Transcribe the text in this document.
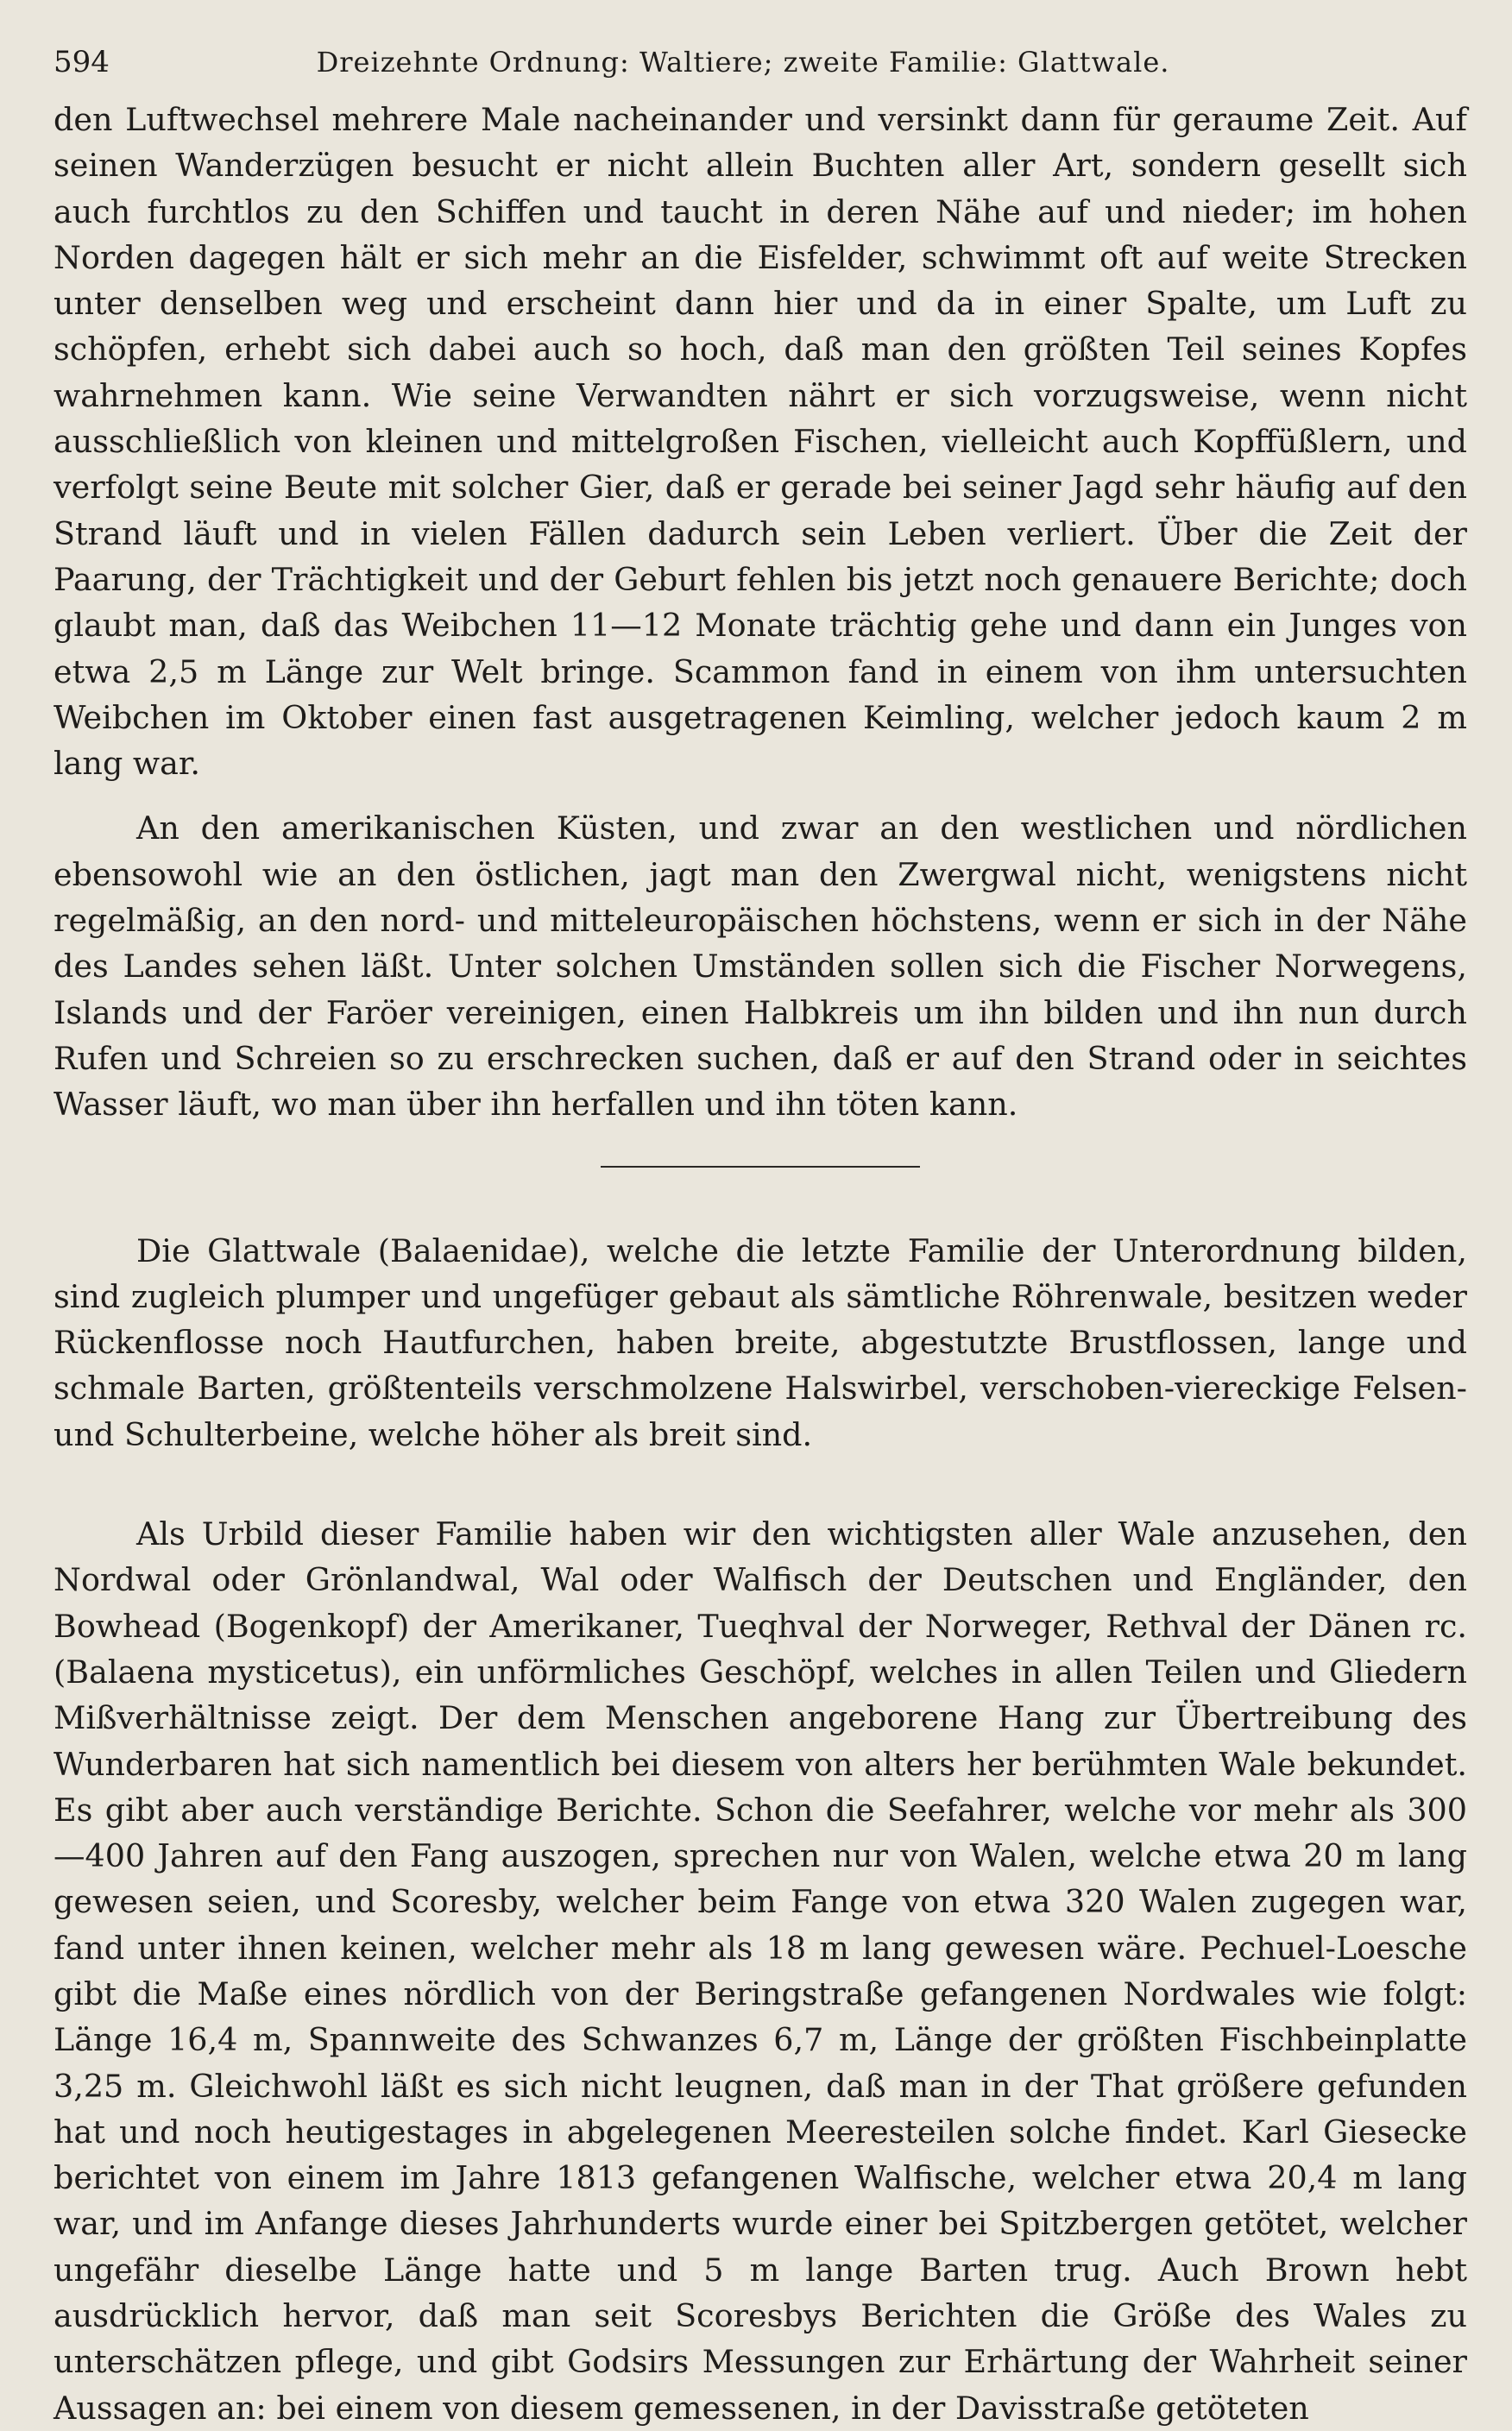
594	Dreizehnte Ordnung: Waltiere; zweite Familie: Glattwale.

den Luftwechsel mehrere Male nacheinander und versinkt dann für geraume Zeit. Auf seinen Wanderzügen besucht er nicht allein Buchten aller Art, sondern gesellt sich auch furchtlos zu den Schiffen und taucht in deren Nähe auf und nieder; im hohen Norden dagegen hält er sich mehr an die Eisfelder, schwimmt oft auf weite Strecken unter denselben weg und erscheint dann hier und da in einer Spalte, um Luft zu schöpfen, erhebt sich dabei auch so hoch, daß man den größten Teil seines Kopfes wahrnehmen kann. Wie seine Verwandten nährt er sich vorzugsweise, wenn nicht ausschließlich von kleinen und mittelgroßen Fischen, vielleicht auch Kopffüßlern, und verfolgt seine Beute mit solcher Gier, daß er gerade bei seiner Jagd sehr häufig auf den Strand läuft und in vielen Fällen dadurch sein Leben verliert. Über die Zeit der Paarung, der Trächtigkeit und der Geburt fehlen bis jetzt noch genauere Berichte; doch glaubt man, daß das Weibchen 11—12 Monate trächtig gehe und dann ein Junges von etwa 2,5 m Länge zur Welt bringe. Scammon fand in einem von ihm untersuchten Weibchen im Oktober einen fast ausgetragenen Keimling, welcher jedoch kaum 2 m lang war.

An den amerikanischen Küsten, und zwar an den westlichen und nördlichen ebensowohl wie an den östlichen, jagt man den Zwergwal nicht, wenigstens nicht regelmäßig, an den nord- und mitteleuropäischen höchstens, wenn er sich in der Nähe des Landes sehen läßt. Unter solchen Umständen sollen sich die Fischer Norwegens, Islands und der Faröer vereinigen, einen Halbkreis um ihn bilden und ihn nun durch Rufen und Schreien so zu erschrecken suchen, daß er auf den Strand oder in seichtes Wasser läuft, wo man über ihn herfallen und ihn töten kann.

Die Glattwale (Balaenidae), welche die letzte Familie der Unterordnung bilden, sind zugleich plumper und ungefüger gebaut als sämtliche Röhrenwale, besitzen weder Rückenflosse noch Hautfurchen, haben breite, abgestutzte Brustflossen, lange und schmale Barten, größtenteils verschmolzene Halswirbel, verschoben-viereckige Felsen- und Schulterbeine, welche höher als breit sind.

Als Urbild dieser Familie haben wir den wichtigsten aller Wale anzusehen, den Nordwal oder Grönlandwal, Wal oder Walfisch der Deutschen und Engländer, den Bowhead (Bogenkopf) der Amerikaner, Tueqhval der Norweger, Rethval der Dänen rc. (Balaena mysticetus), ein unförmliches Geschöpf, welches in allen Teilen und Gliedern Mißverhältnisse zeigt. Der dem Menschen angeborene Hang zur Übertreibung des Wunderbaren hat sich namentlich bei diesem von alters her berühmten Wale bekundet. Es gibt aber auch verständige Berichte. Schon die Seefahrer, welche vor mehr als 300—400 Jahren auf den Fang auszogen, sprechen nur von Walen, welche etwa 20 m lang gewesen seien, und Scoresby, welcher beim Fange von etwa 320 Walen zugegen war, fand unter ihnen keinen, welcher mehr als 18 m lang gewesen wäre. Pechuel-Loesche gibt die Maße eines nördlich von der Beringstraße gefangenen Nordwales wie folgt: Länge 16,4 m, Spannweite des Schwanzes 6,7 m, Länge der größten Fischbeinplatte 3,25 m. Gleichwohl läßt es sich nicht leugnen, daß man in der That größere gefunden hat und noch heutigestages in abgelegenen Meeresteilen solche findet. Karl Giesecke berichtet von einem im Jahre 1813 gefangenen Walfische, welcher etwa 20,4 m lang war, und im Anfange dieses Jahrhunderts wurde einer bei Spitzbergen getötet, welcher ungefähr dieselbe Länge hatte und 5 m lange Barten trug. Auch Brown hebt ausdrücklich hervor, daß man seit Scoresbys Berichten die Größe des Wales zu unterschätzen pflege, und gibt Godsirs Messungen zur Erhärtung der Wahrheit seiner Aussagen an: bei einem von diesem gemessenen, in der Davisstraße getöteten
